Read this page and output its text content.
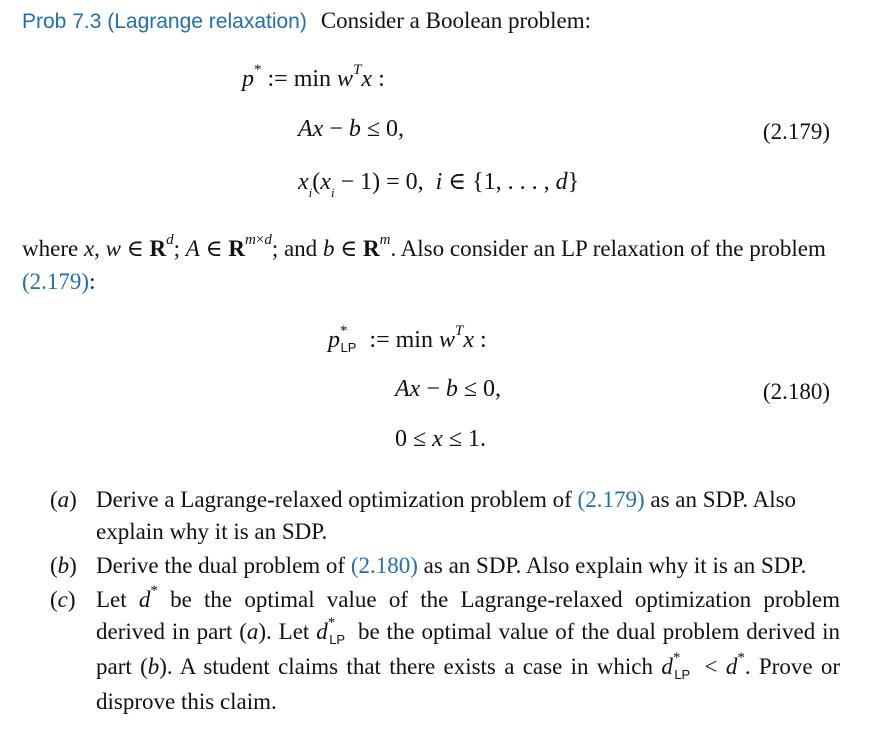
Prob 7.3 (Lagrange relaxation) Consider a Boolean problem:
p* := $\min w^Tx$ :
Ax − b ≤ 0,	(2.179)
$x_i(x_i - 1) = 0$,  i ∈ {1, . . . , d}
where x, w ∈ $R^d$; A ∈ $R^{m\times d}$; and b ∈ $R^m$. Also consider an LP relaxation of the problem (2.179):
$p^*_{LP}$ := $\min w^Tx$ :
Ax − b ≤ 0,	(2.180)
0 ≤ x ≤ 1.
(a) Derive a Lagrange-relaxed optimization problem of (2.179) as an SDP. Also explain why it is an SDP.
(b) Derive the dual problem of (2.180) as an SDP. Also explain why it is an SDP.
(c) Let d* be the optimal value of the Lagrange-relaxed optimization problem derived in part (a). Let $d^*_{LP}$ be the optimal value of the dual problem derived in part (b). A student claims that there exists a case in which $d^*_{LP} < d^*$. Prove or disprove this claim.
